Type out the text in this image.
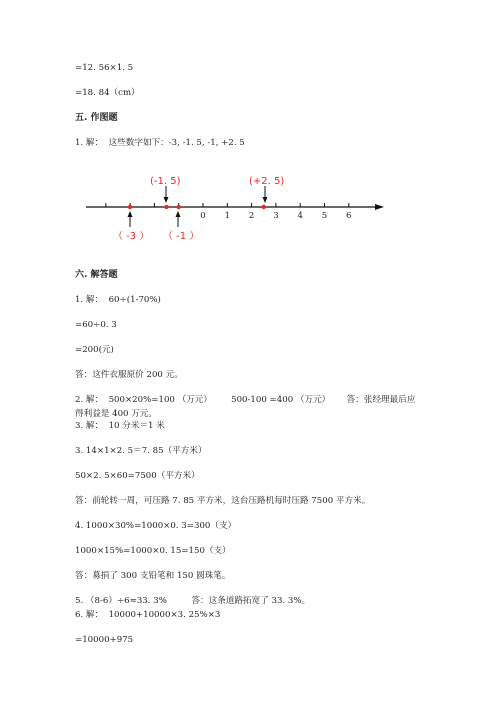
=12. 56×1. 5
=18. 84（cm）
五. 作图题
1. 解：  这些数字如下：-3, -1. 5, -1, +2. 5
0 1 2 3 4 5 6
(-1. 5)	(+2. 5)
（ -3 ） （ -1 ）
六. 解答题
1. 解：  60÷(1-70%)
=60÷0. 3
=200(元)
答：这件衣服原价 200 元。
2. 解：  500×20%=100 （万元）       500-100 =400 （万元）      答：张经理最后应
得利益是 400 万元。
3. 解：  10 分米＝1 米
3. 14×1×2. 5＝7. 85（平方米）
50×2. 5×60=7500（平方米）
答：前轮转一周，可压路 7. 85 平方米，这台压路机每时压路 7500 平方米。
4. 1000×30%=1000×0. 3=300（支）
1000×15%=1000×0. 15=150（支）
答：募捐了 300 支铅笔和 150 圆珠笔。
5. （8-6）÷6≈33. 3%         答：这条道路拓宽了 33. 3%。
6. 解：  10000+10000×3. 25%×3
=10000+975
